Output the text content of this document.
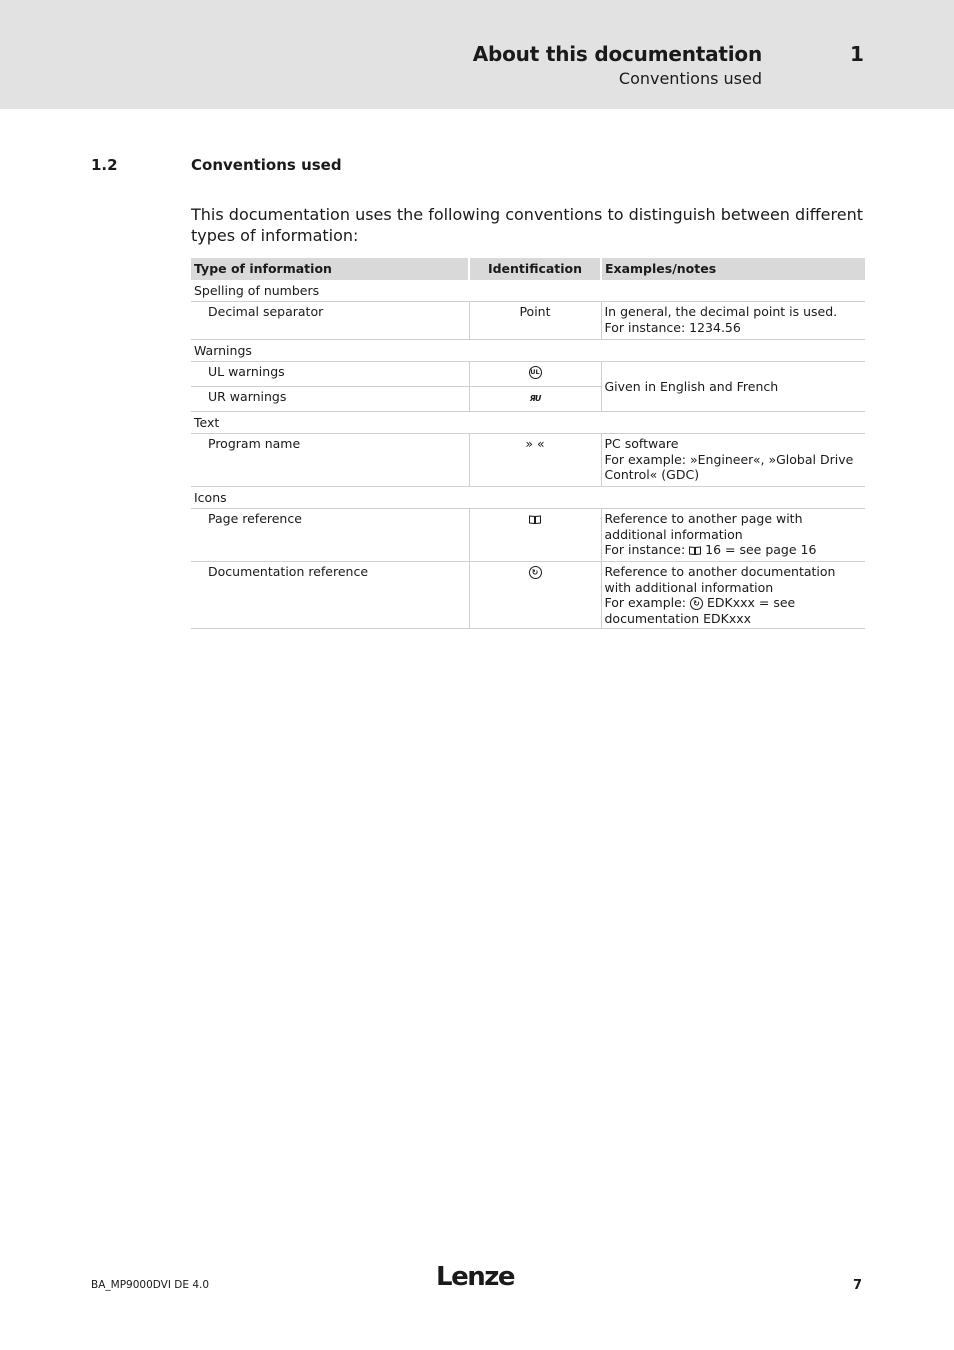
About this documentation	1
Conventions used
1.2	Conventions used
This documentation uses the following conventions to distinguish between different types of information:
Type of information	Identification	Examples/notes
Spelling of numbers		
Decimal separator	Point	In general, the decimal point is used.
For instance: 1234.56

Warnings		
UL warnings	UL	Given in English and French
UR warnings	ЯU	
Text		
Program name	» «	PC software
For example: »Engineer«, »Global Drive Control« (GDC)

Icons		
Page reference		Reference to another page with additional information
For instance: 16 = see page 16

Documentation reference	↻	Reference to another documentation with additional information
For example: ↻ EDKxxx = see documentation EDKxxx
BA_MP9000DVI DE 4.0	Lenze	7
